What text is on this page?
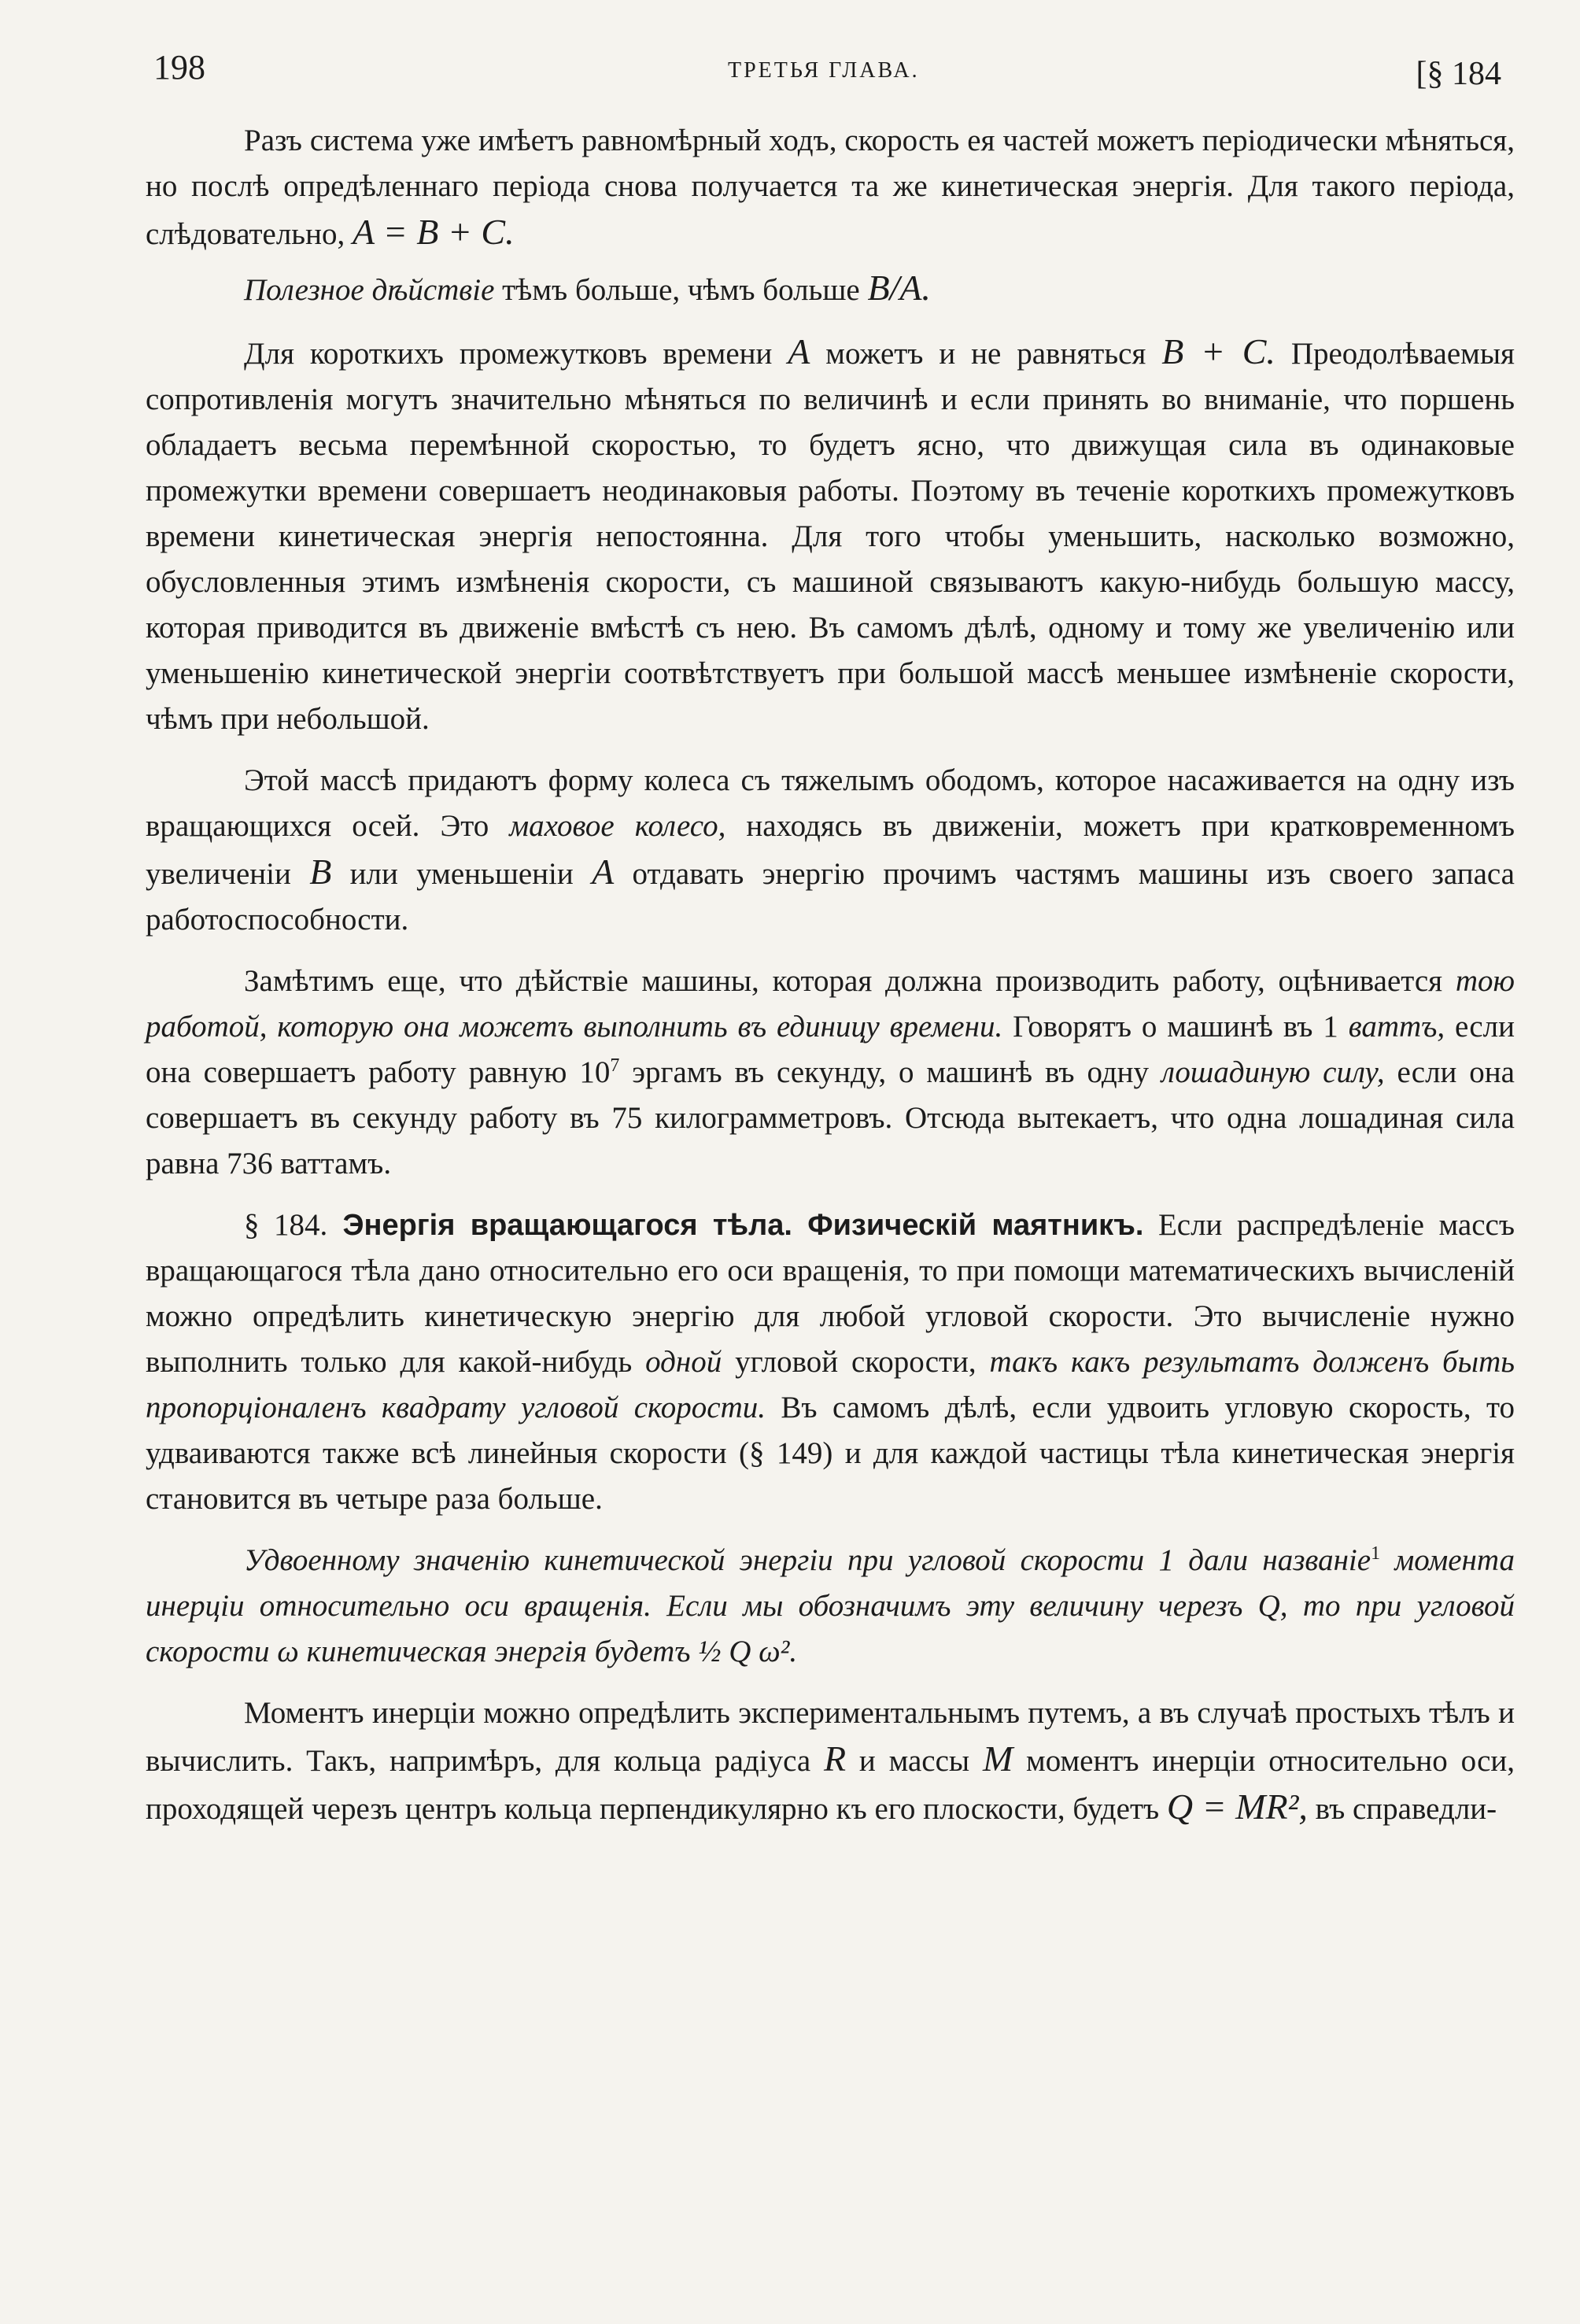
198	ТРЕТЬЯ ГЛАВА.	[§ 184

Разъ система уже имѣетъ равномѣрный ходъ, скорость ея частей можетъ періодически мѣняться, но послѣ опредѣленнаго періода снова получается та же кинетическая энергія. Для такого періода, слѣдовательно, A = B + C.

Полезное дѣйствіе тѣмъ больше, чѣмъ больше B/A.

Для короткихъ промежутковъ времени A можетъ и не равняться B + C. Преодолѣваемыя сопротивленія могутъ значительно мѣняться по величинѣ и если принять во вниманіе, что поршень обладаетъ весьма перемѣнной скоростью, то будетъ ясно, что движущая сила въ одинаковые промежутки времени совершаетъ неодинаковыя работы. Поэтому въ теченіе короткихъ промежутковъ времени кинетическая энергія непостоянна. Для того чтобы уменьшить, насколько возможно, обусловленныя этимъ измѣненія скорости, съ машиной связываютъ какую-нибудь большую массу, которая приводится въ движеніе вмѣстѣ съ нею. Въ самомъ дѣлѣ, одному и тому же увеличенію или уменьшенію кинетической энергіи соотвѣтствуетъ при большой массѣ меньшее измѣненіе скорости, чѣмъ при небольшой.

Этой массѣ придаютъ форму колеса съ тяжелымъ ободомъ, которое насаживается на одну изъ вращающихся осей. Это маховое колесо, находясь въ движеніи, можетъ при кратковременномъ увеличеніи B или уменьшеніи A отдавать энергію прочимъ частямъ машины изъ своего запаса работоспособности.

Замѣтимъ еще, что дѣйствіе машины, которая должна производить работу, оцѣнивается тою работой, которую она можетъ выполнить въ единицу времени. Говорятъ о машинѣ въ 1 ваттъ, если она совершаетъ работу равную $10^7$ эргамъ въ секунду, о машинѣ въ одну лошадиную силу, если она совершаетъ въ секунду работу въ 75 килограмметровъ. Отсюда вытекаетъ, что одна лошадиная сила равна 736 ваттамъ.

§ 184. Энергія вращающагося тѣла. Физическій маятникъ. Если распредѣленіе массъ вращающагося тѣла дано относительно его оси вращенія, то при помощи математическихъ вычисленій можно опредѣлить кинетическую энергію для любой угловой скорости. Это вычисленіе нужно выполнить только для какой-нибудь одной угловой скорости, такъ какъ результатъ долженъ быть пропорціоналенъ квадрату угловой скорости. Въ самомъ дѣлѣ, если удвоить угловую скорость, то удваиваются также всѣ линейныя скорости (§ 149) и для каждой частицы тѣла кинетическая энергія становится въ четыре раза больше.

Удвоенному значенію кинетической энергіи при угловой скорости 1 дали названіе$^1$ момента инерціи относительно оси вращенія. Если мы обозначимъ эту величину черезъ Q, то при угловой скорости ω кинетическая энергія будетъ ½ Q ω².

Моментъ инерціи можно опредѣлить экспериментальнымъ путемъ, а въ случаѣ простыхъ тѣлъ и вычислить. Такъ, напримѣръ, для кольца радіуса R и массы M моментъ инерціи относительно оси, проходящей черезъ центръ кольца перпендикулярно къ его плоскости, будетъ Q = MR², въ справедли-
